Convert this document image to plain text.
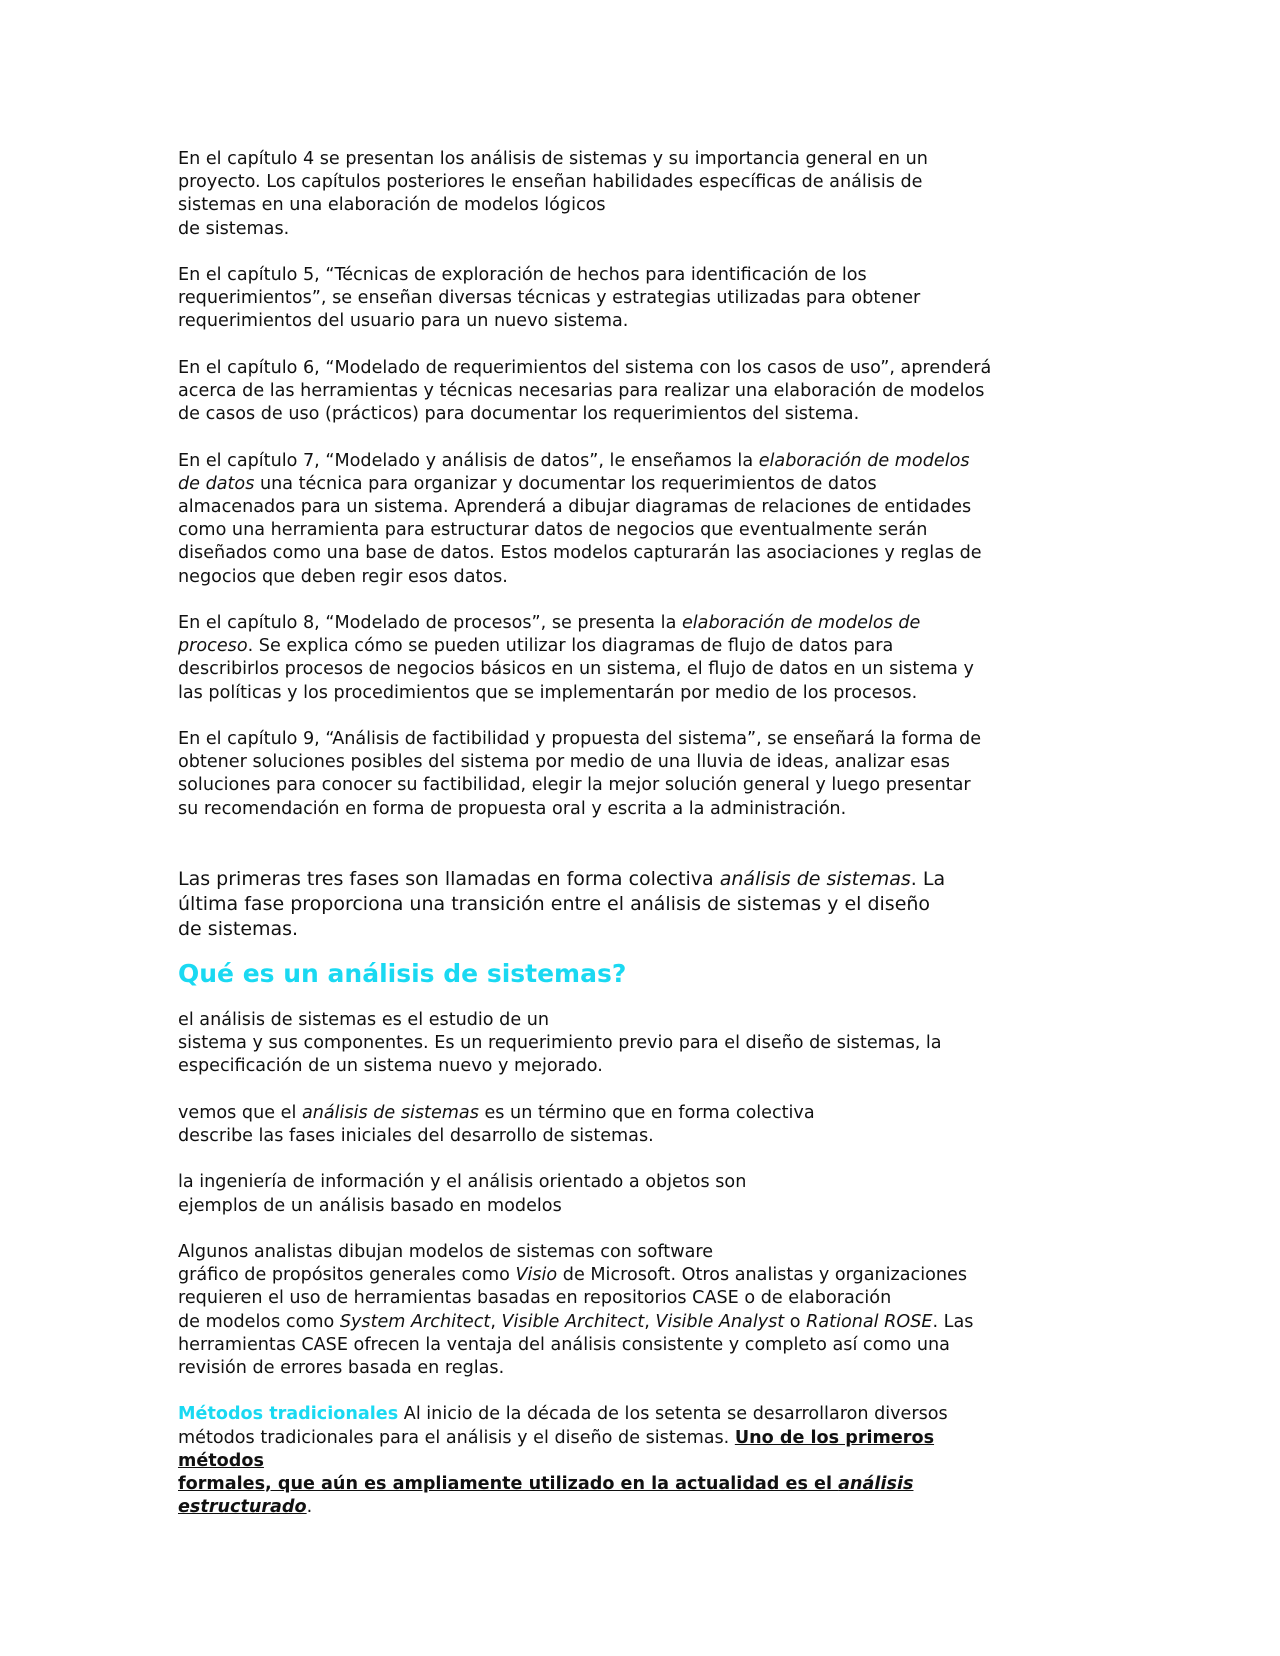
En el capítulo 4 se presentan los análisis de sistemas y su importancia general en un
proyecto. Los capítulos posteriores le enseñan habilidades específicas de análisis de
sistemas en una elaboración de modelos lógicos
de sistemas.

En el capítulo 5, “Técnicas de exploración de hechos para identificación de los
requerimientos”, se enseñan diversas técnicas y estrategias utilizadas para obtener
requerimientos del usuario para un nuevo sistema.

En el capítulo 6, “Modelado de requerimientos del sistema con los casos de uso”, aprenderá
acerca de las herramientas y técnicas necesarias para realizar una elaboración de modelos
de casos de uso (prácticos) para documentar los requerimientos del sistema.

En el capítulo 7, “Modelado y análisis de datos”, le enseñamos la elaboración de modelos
de datos una técnica para organizar y documentar los requerimientos de datos
almacenados para un sistema. Aprenderá a dibujar diagramas de relaciones de entidades
como una herramienta para estructurar datos de negocios que eventualmente serán
diseñados como una base de datos. Estos modelos capturarán las asociaciones y reglas de
negocios que deben regir esos datos.

En el capítulo 8, “Modelado de procesos”, se presenta la elaboración de modelos de
proceso. Se explica cómo se pueden utilizar los diagramas de flujo de datos para
describirlos procesos de negocios básicos en un sistema, el flujo de datos en un sistema y
las políticas y los procedimientos que se implementarán por medio de los procesos.

En el capítulo 9, “Análisis de factibilidad y propuesta del sistema”, se enseñará la forma de
obtener soluciones posibles del sistema por medio de una lluvia de ideas, analizar esas
soluciones para conocer su factibilidad, elegir la mejor solución general y luego presentar
su recomendación en forma de propuesta oral y escrita a la administración.

Las primeras tres fases son llamadas en forma colectiva análisis de sistemas. La
última fase proporciona una transición entre el análisis de sistemas y el diseño
de sistemas.

Qué es un análisis de sistemas?

el análisis de sistemas es el estudio de un
sistema y sus componentes. Es un requerimiento previo para el diseño de sistemas, la
especificación de un sistema nuevo y mejorado.

vemos que el análisis de sistemas es un término que en forma colectiva
describe las fases iniciales del desarrollo de sistemas.

la ingeniería de información y el análisis orientado a objetos son
ejemplos de un análisis basado en modelos

Algunos analistas dibujan modelos de sistemas con software
gráfico de propósitos generales como Visio de Microsoft. Otros analistas y organizaciones
requieren el uso de herramientas basadas en repositorios CASE o de elaboración
de modelos como System Architect, Visible Architect, Visible Analyst o Rational ROSE. Las
herramientas CASE ofrecen la ventaja del análisis consistente y completo así como una
revisión de errores basada en reglas.

Métodos tradicionales Al inicio de la década de los setenta se desarrollaron diversos
métodos tradicionales para el análisis y el diseño de sistemas. Uno de los primeros
métodos
formales, que aún es ampliamente utilizado en la actualidad es el análisis
estructurado.
